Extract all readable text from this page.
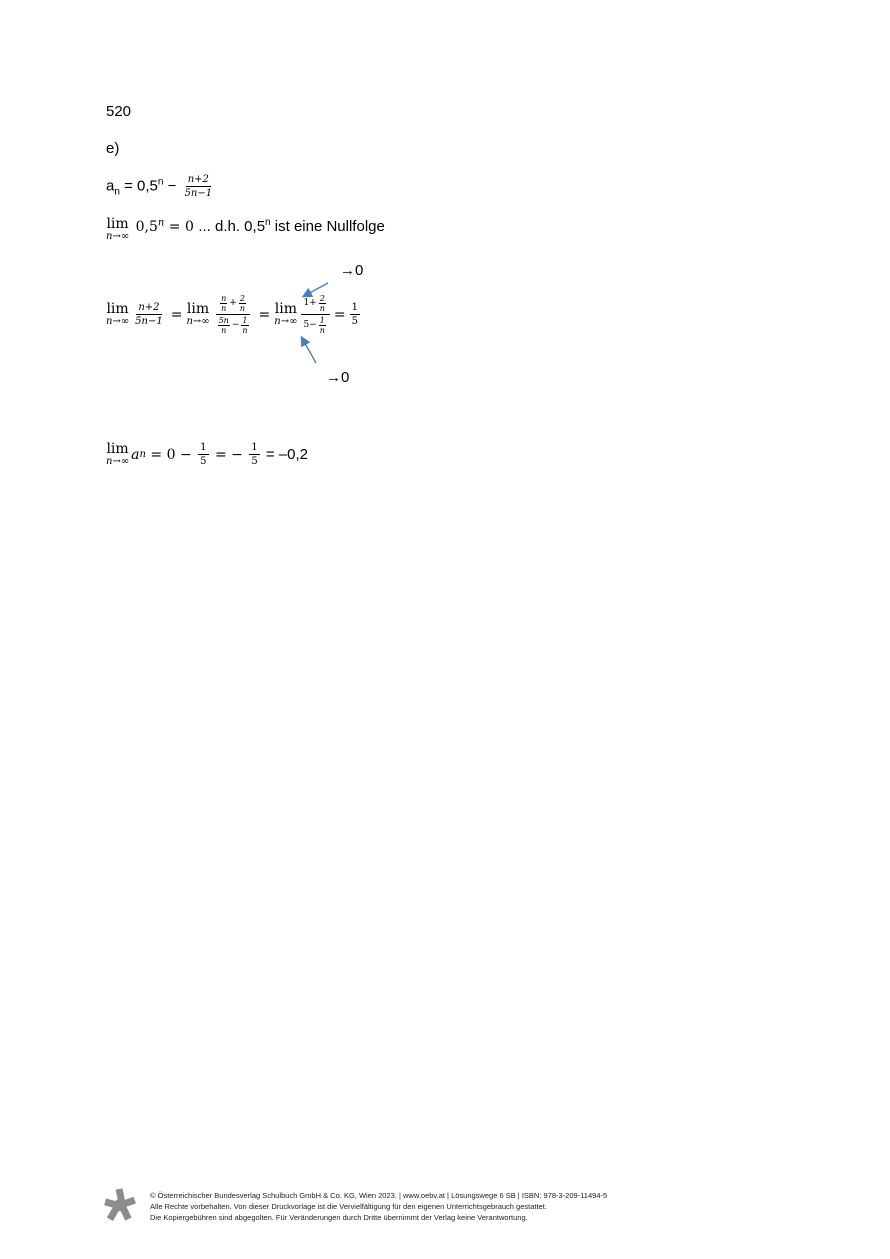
520
e)
$a_n = 0,5^n - \frac{n+2}{5n-1}$
lim
n→∞
$0,5^n = 0$ ... d.h. 0,5$^n$ ist eine Nullfolge
→0
→0
lim
$n\to\infty \frac{n+2}{5n-1} = \lim$
$n\to\infty \frac{\frac{n}{n} + \frac{2}{n}}{\frac{5n}{n} - \frac{1}{n}} = \lim$
$n\to\infty \frac{1+ \frac{2}{n}}{5- \frac{1}{n}} = \frac{1}{5}$
lim
n→∞ a $n = 0 - \frac{1}{5}$ = − $\frac{1}{5} = -0,2$
© Österreichischer Bundesverlag Schulbuch GmbH & Co. KG, Wien 2023. | www.oebv.at | Lösungswege 6 SB | ISBN: 978-3-209-11494-5
Alle Rechte vorbehalten. Von dieser Druckvorlage ist die Vervielfältigung für den eigenen Unterrichtsgebrauch gestattet.
Die Kopiergebühren sind abgegolten. Für Veränderungen durch Dritte übernimmt der Verlag keine Verantwortung.
